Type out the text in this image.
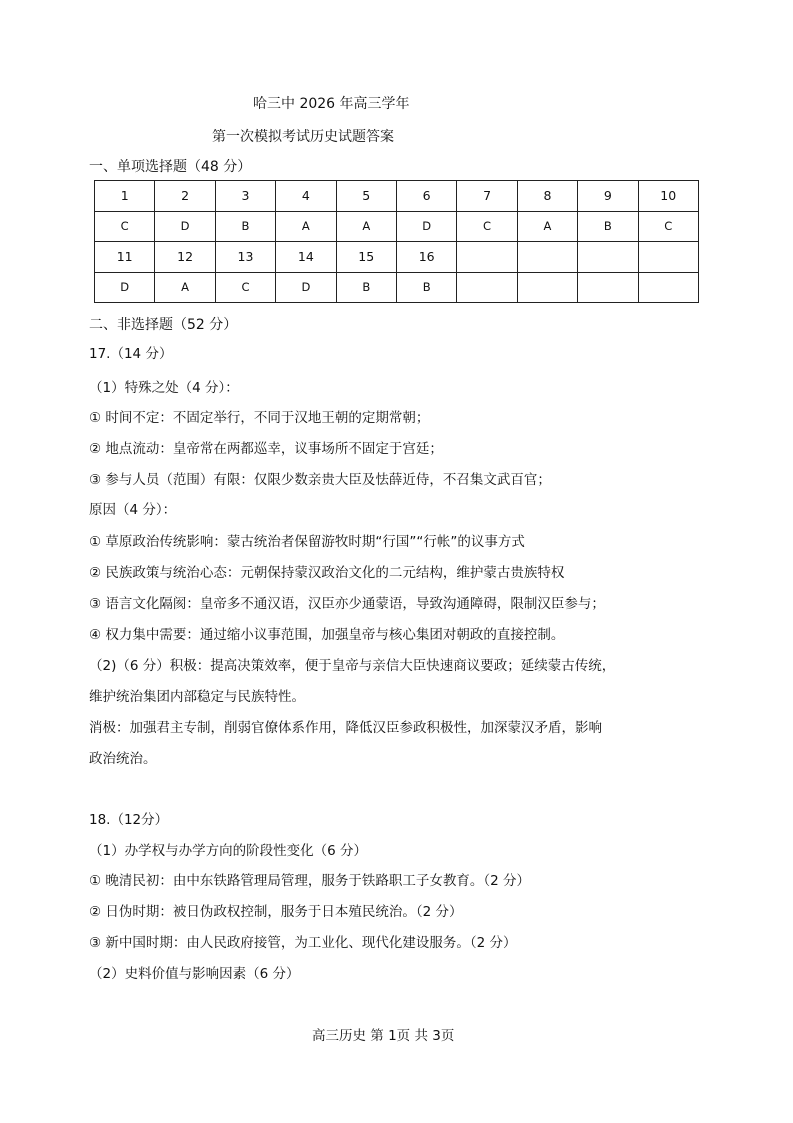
哈三中 2026 年高三学年
第一次模拟考试历史试题答案
一、单项选择题（48 分）
1	2	3	4	5	6	7	8	9	10
C	D	B	A	A	D	C	A	B	C
11	12	13	14	15	16				
D	A	C	D	B	B				
二、非选择题（52 分）
17.（14 分）
（1）特殊之处（4 分）：
① 时间不定：不固定举行，不同于汉地王朝的定期常朝；
② 地点流动：皇帝常在两都巡幸，议事场所不固定于宫廷；
③ 参与人员（范围）有限：仅限少数亲贵大臣及怯薛近侍，不召集文武百官；
原因（4 分）：
① 草原政治传统影响：蒙古统治者保留游牧时期“行国”“行帐”的议事方式
② 民族政策与统治心态：元朝保持蒙汉政治文化的二元结构，维护蒙古贵族特权
③ 语言文化隔阂：皇帝多不通汉语，汉臣亦少通蒙语，导致沟通障碍，限制汉臣参与；
④ 权力集中需要：通过缩小议事范围，加强皇帝与核心集团对朝政的直接控制。
（2)（6 分）积极：提高决策效率，便于皇帝与亲信大臣快速商议要政；延续蒙古传统，
维护统治集团内部稳定与民族特性。
消极：加强君主专制，削弱官僚体系作用，降低汉臣参政积极性，加深蒙汉矛盾，影响
政治统治。
18.（12分）
（1）办学权与办学方向的阶段性变化（6 分）
① 晚清民初：由中东铁路管理局管理，服务于铁路职工子女教育。（2 分）
② 日伪时期：被日伪政权控制，服务于日本殖民统治。（2 分）
③ 新中国时期：由人民政府接管，为工业化、现代化建设服务。（2 分）
（2）史料价值与影响因素（6 分）
高三历史 第 1页 共 3页
